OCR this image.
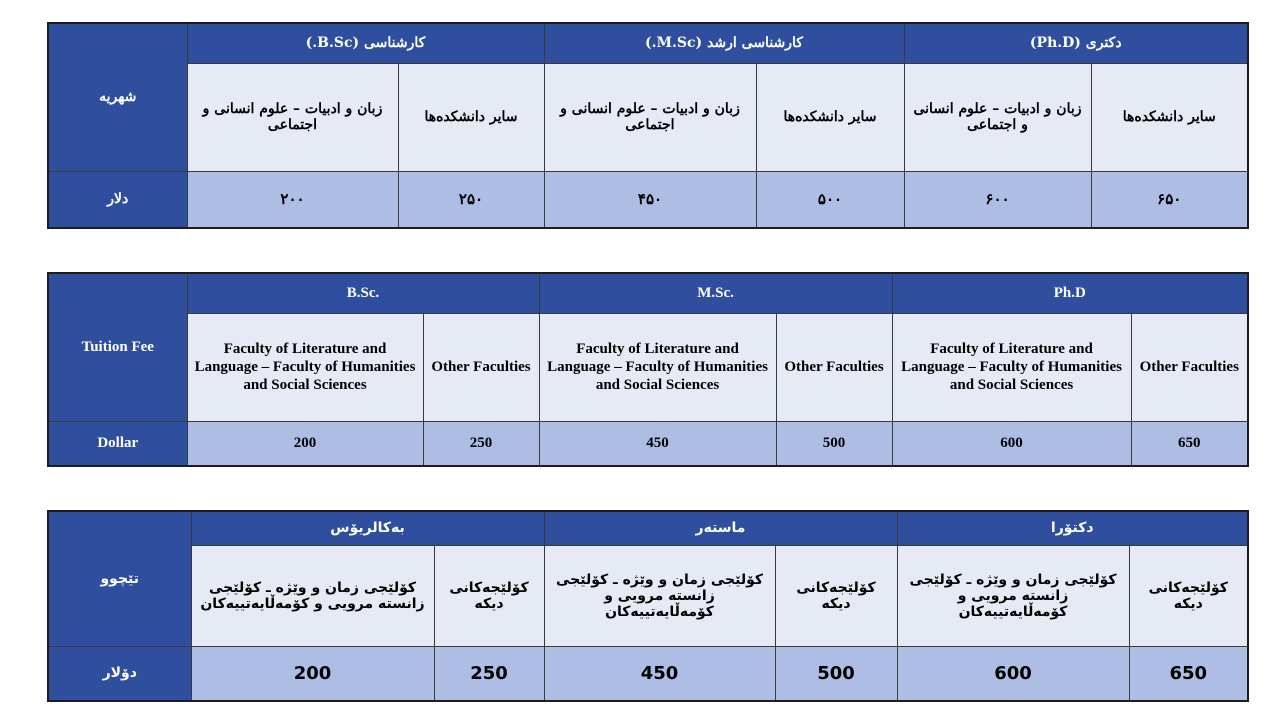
شهریه	کارشناسی (B.Sc.)		کارشناسی ارشد (M.Sc.)		دکتری (Ph.D)	
	زبان و ادبیات – علوم انسانی و اجتماعی	سایر دانشکده‌ها	زبان و ادبیات – علوم انسانی و اجتماعی	سایر دانشکده‌ها	زبان و ادبیات – علوم انسانی و اجتماعی	سایر دانشکده‌ها
دلار	۲۰۰	۲۵۰	۴۵۰	۵۰۰	۶۰۰	۶۵۰
Tuition Fee	B.Sc.		M.Sc.		Ph.D	
	Faculty of Literature and Language – Faculty of Humanities and Social Sciences	Other Faculties	Faculty of Literature and Language – Faculty of Humanities and Social Sciences	Other Faculties	Faculty of Literature and Language – Faculty of Humanities and Social Sciences	Other Faculties
Dollar	200	250	450	500	600	650
تێچوو	بەکالریۆس		ماستەر		دکتۆرا	
	کۆلێجی زمان و وێژە ـ کۆلێجی زانستە مرویی و کۆمەڵایەتییەکان	کۆلێجەکانی دیکە	کۆلێجی زمان و وێژە ـ کۆلێجی زانستە مرویی و کۆمەڵایەتییەکان	کۆلێجەکانی دیکە	کۆلێجی زمان و وێژە ـ کۆلێجی زانستە مرویی و کۆمەڵایەتییەکان	کۆلێجەکانی دیکە
دۆلار	200	250	450	500	600	650
